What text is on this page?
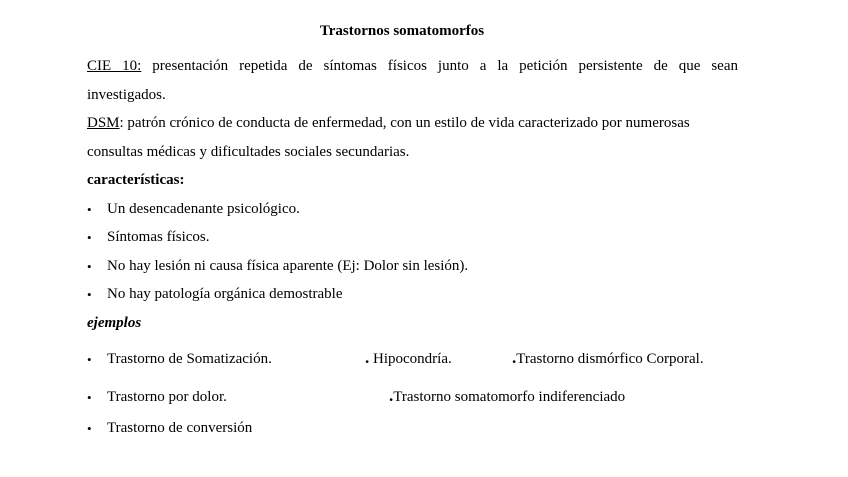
Trastornos somatomorfos
CIE 10: presentación repetida de síntomas físicos junto a la petición persistente de que sean
investigados.
DSM: patrón crónico de conducta de enfermedad, con un estilo de vida caracterizado por numerosas
consultas médicas y dificultades sociales secundarias.
características:
• Un desencadenante psicológico.
• Síntomas físicos.
• No hay lesión ni causa física aparente (Ej: Dolor sin lesión).
• No hay patología orgánica demostrable
ejemplos
• Trastorno de Somatización.	. Hipocondría.	.Trastorno dismórfico Corporal.
• Trastorno por dolor.	.Trastorno somatomorfo indiferenciado
• Trastorno de conversión
